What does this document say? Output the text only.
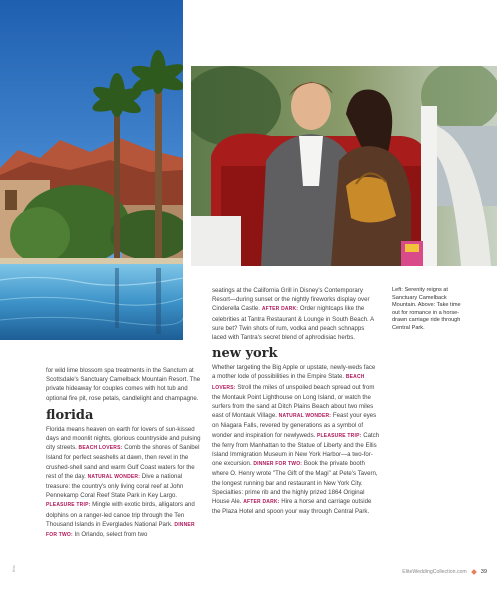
for wild lime blossom spa treatments in the Sanctum at Scottsdale's Sanctuary Camelback Mountain Resort. The private hideaway for couples comes with hot tub and optional fire pit, rose petals, candlelight and champagne.

florida

Florida means heaven on earth for lovers of sun-kissed days and moonlit nights, glorious countryside and pulsing city streets. BEACH LOVERS: Comb the shores of Sanibel Island for perfect seashells at dawn, then revel in the crushed-shell sand and warm Gulf Coast waters for the rest of the day. NATURAL WONDER: Dive a national treasure: the country's only living coral reef at John Pennekamp Coral Reef State Park in Key Largo. PLEASURE TRIP: Mingle with exotic birds, alligators and dolphins on a ranger-led canoe trip through the Ten Thousand Islands in Everglades National Park. DINNER FOR TWO: In Orlando, select from two

seatings at the California Grill in Disney's Contemporary Resort—during sunset or the nightly fireworks display over Cinderella Castle. AFTER DARK: Order nightcaps like the celebrities at Tantra Restaurant & Lounge in South Beach. A sure bet? Twin shots of rum, vodka and peach schnapps laced with Tantra's secret blend of aphrodisiac herbs.

new york

Whether targeting the Big Apple or upstate, newly-weds face a mother lode of possibilities in the Empire State. BEACH LOVERS: Stroll the miles of unspoiled beach spread out from the Montauk Point Lighthouse on Long Island, or watch the surfers from the sand at Ditch Plains Beach about two miles east of Montauk Village. NATURAL WONDER: Feast your eyes on Niagara Falls, revered by generations as a symbol of wonder and inspiration for newlyweds. PLEASURE TRIP: Catch the ferry from Manhattan to the Statue of Liberty and the Ellis Island Immigration Museum in New York Harbor—a two-for-one excursion. DINNER FOR TWO: Book the private booth where O. Henry wrote "The Gift of the Magi" at Pete's Tavern, the longest running bar and restaurant in New York City. Specialties: prime rib and the highly prized 1864 Original House Ale. AFTER DARK: Hire a horse and carriage outside the Plaza Hotel and spoon your way through Central Park.

Left: Serenity reigns at Sanctuary Camelback Mountain. Above: Take time out for romance in a horse-drawn carriage ride through Central Park.
Kiss	EliteWeddingCollection.com	39
